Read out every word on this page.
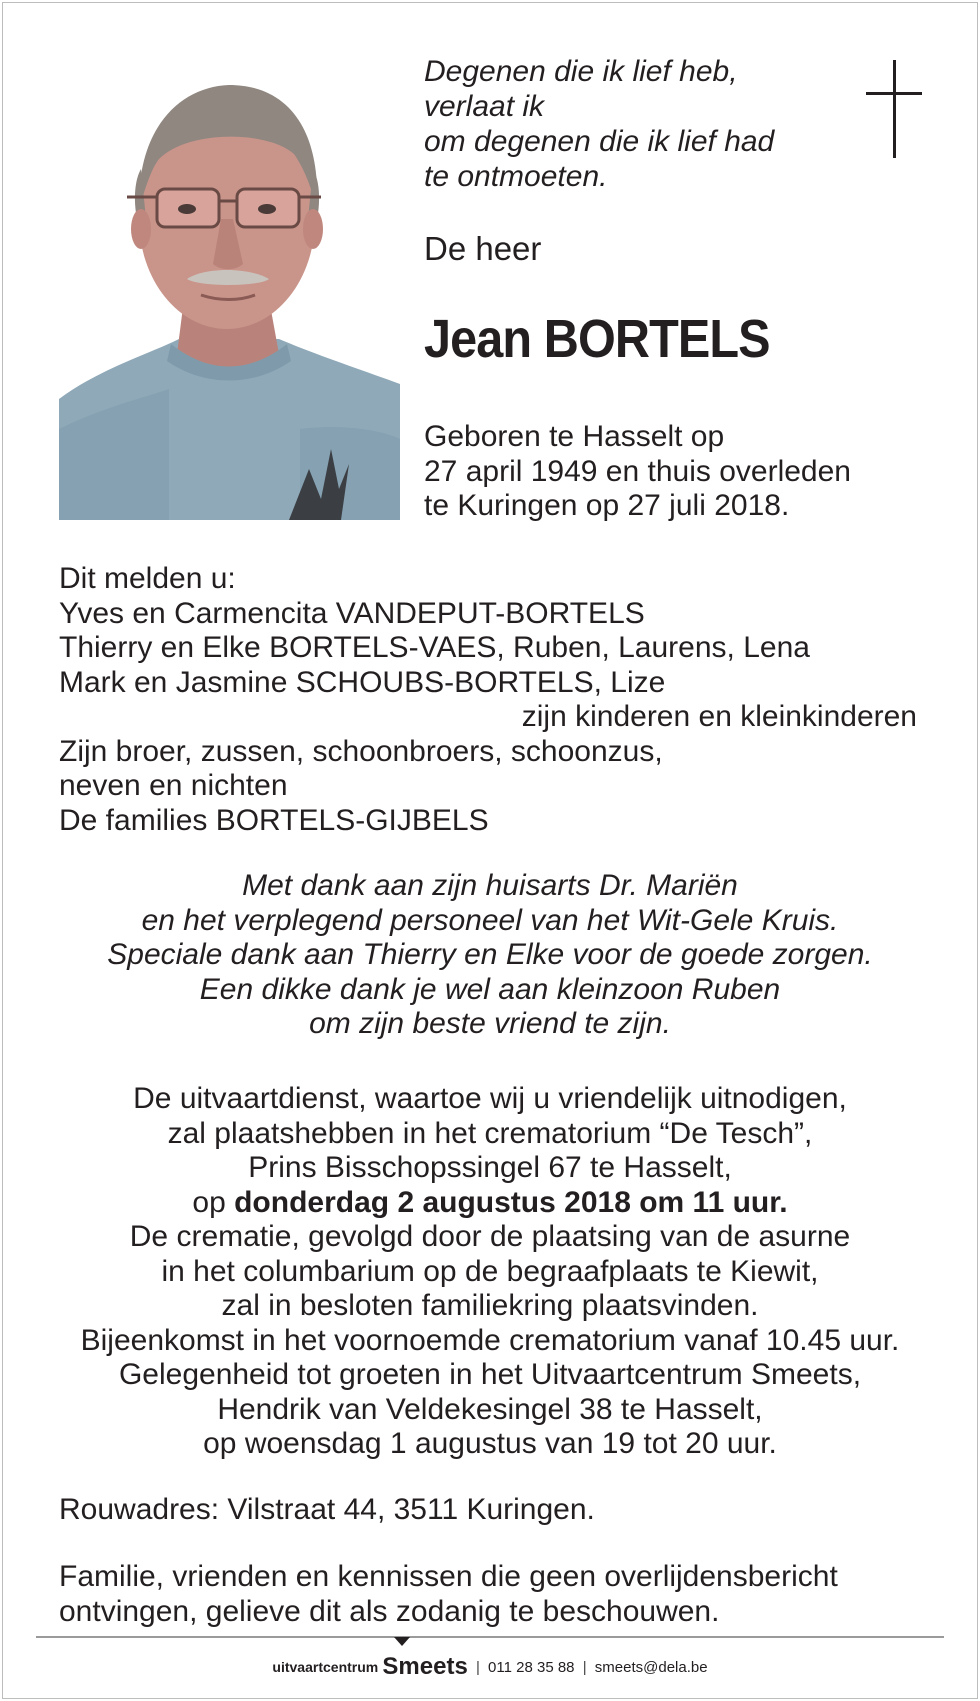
Degenen die ik lief heb,
verlaat ik
om degenen die ik lief had
te ontmoeten.
De heer
Jean BORTELS
Geboren te Hasselt op
27 april 1949 en thuis overleden
te Kuringen op 27 juli 2018.
Dit melden u:
Yves en Carmencita VANDEPUT-BORTELS
Thierry en Elke BORTELS-VAES, Ruben, Laurens, Lena
Mark en Jasmine SCHOUBS-BORTELS, Lize
zijn kinderen en kleinkinderen
Zijn broer, zussen, schoonbroers, schoonzus,
neven en nichten
De families BORTELS-GIJBELS
Met dank aan zijn huisarts Dr. Mariën
en het verplegend personeel van het Wit-Gele Kruis.
Speciale dank aan Thierry en Elke voor de goede zorgen.
Een dikke dank je wel aan kleinzoon Ruben
om zijn beste vriend te zijn.
De uitvaartdienst, waartoe wij u vriendelijk uitnodigen,
zal plaatshebben in het crematorium “De Tesch”,
Prins Bisschopssingel 67 te Hasselt,
op donderdag 2 augustus 2018 om 11 uur.
De crematie, gevolgd door de plaatsing van de asurne
in het columbarium op de begraafplaats te Kiewit,
zal in besloten familiekring plaatsvinden.
Bijeenkomst in het voornoemde crematorium vanaf 10.45 uur.
Gelegenheid tot groeten in het Uitvaartcentrum Smeets,
Hendrik van Veldekesingel 38 te Hasselt,
op woensdag 1 augustus van 19 tot 20 uur.
Rouwadres: Vilstraat 44, 3511 Kuringen.
Familie, vrienden en kennissen die geen overlijdensbericht
ontvingen, gelieve dit als zodanig te beschouwen.
uitvaartcentrum Smeets | 011 28 35 88 | smeets@dela.be
